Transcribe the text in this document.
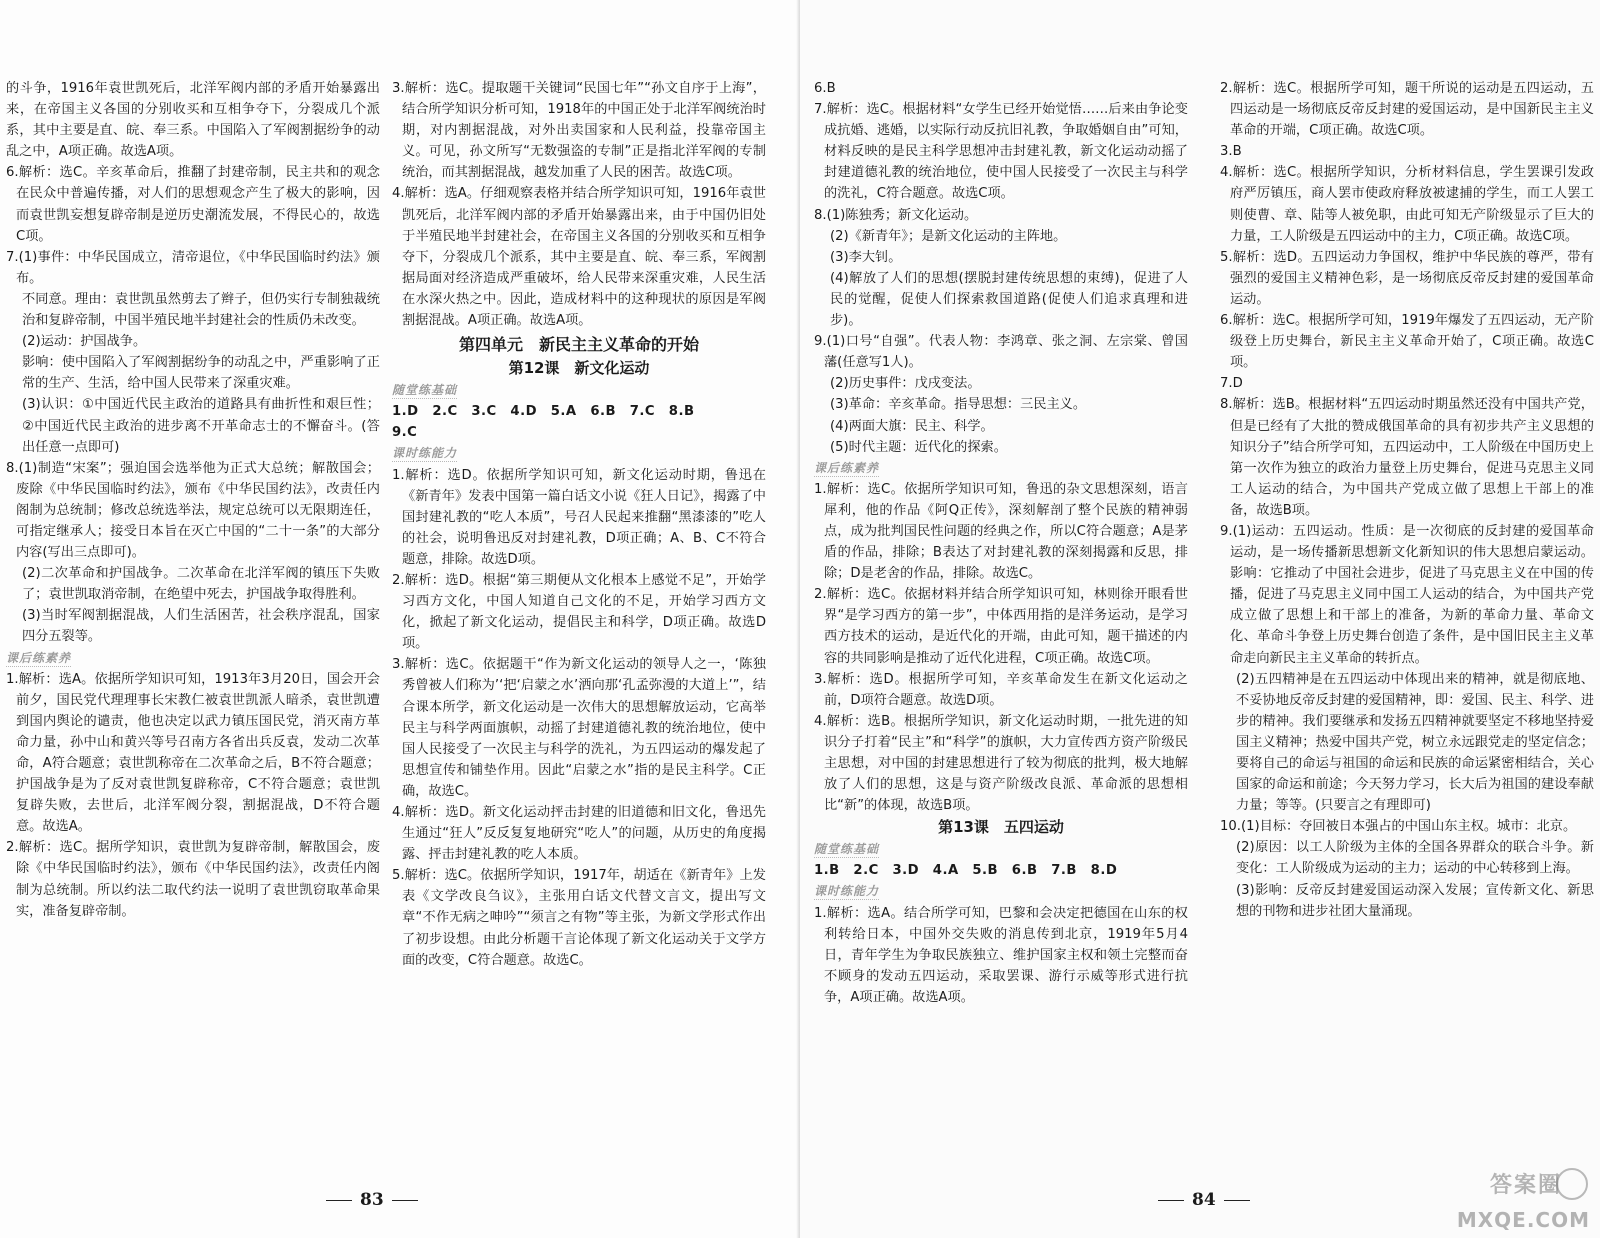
的斗争，1916年袁世凯死后，北洋军阀内部的矛盾开始暴露出来，在帝国主义各国的分别收买和互相争夺下，分裂成几个派系，其中主要是直、皖、奉三系。中国陷入了军阀割据纷争的动乱之中，A项正确。故选A项。

6.解析：选C。辛亥革命后，推翻了封建帝制，民主共和的观念在民众中普遍传播，对人们的思想观念产生了极大的影响，因而袁世凯妄想复辟帝制是逆历史潮流发展，不得民心的，故选C项。

7.(1)事件：中华民国成立，清帝退位，《中华民国临时约法》颁布。

不同意。理由：袁世凯虽然剪去了辫子，但仍实行专制独裁统治和复辟帝制，中国半殖民地半封建社会的性质仍未改变。

(2)运动：护国战争。

影响：使中国陷入了军阀割据纷争的动乱之中，严重影响了正常的生产、生活，给中国人民带来了深重灾难。

(3)认识：①中国近代民主政治的道路具有曲折性和艰巨性；②中国近代民主政治的进步离不开革命志士的不懈奋斗。(答出任意一点即可)

8.(1)制造“宋案”；强迫国会选举他为正式大总统；解散国会；废除《中华民国临时约法》，颁布《中华民国约法》，改责任内阁制为总统制；修改总统选举法，规定总统可以无限期连任，可指定继承人；接受日本旨在灭亡中国的“二十一条”的大部分内容(写出三点即可)。

(2)二次革命和护国战争。二次革命在北洋军阀的镇压下失败了；袁世凯取消帝制，在绝望中死去，护国战争取得胜利。

(3)当时军阀割据混战，人们生活困苦，社会秩序混乱，国家四分五裂等。

课后练素养

1.解析：选A。依据所学知识可知，1913年3月20日，国会开会前夕，国民党代理理事长宋教仁被袁世凯派人暗杀，袁世凯遭到国内舆论的谴责，他也决定以武力镇压国民党，消灭南方革命力量，孙中山和黄兴等号召南方各省出兵反袁，发动二次革命，A符合题意；袁世凯称帝在二次革命之后，B不符合题意；护国战争是为了反对袁世凯复辟称帝，C不符合题意；袁世凯复辟失败，去世后，北洋军阀分裂，割据混战，D不符合题意。故选A。

2.解析：选C。据所学知识，袁世凯为复辟帝制，解散国会，废除《中华民国临时约法》，颁布《中华民国约法》，改责任内阁制为总统制。所以约法二取代约法一说明了袁世凯窃取革命果实，准备复辟帝制。

3.解析：选C。提取题干关键词“民国七年”“孙文自序于上海”，结合所学知识分析可知，1918年的中国正处于北洋军阀统治时期，对内割据混战，对外出卖国家和人民利益，投靠帝国主义。可见，孙文所写“无数强盗的专制”正是指北洋军阀的专制统治，而其割据混战，越发加重了人民的困苦。故选C项。

4.解析：选A。仔细观察表格并结合所学知识可知，1916年袁世凯死后，北洋军阀内部的矛盾开始暴露出来，由于中国仍旧处于半殖民地半封建社会，在帝国主义各国的分别收买和互相争夺下，分裂成几个派系，其中主要是直、皖、奉三系，军阀割据局面对经济造成严重破坏，给人民带来深重灾难，人民生活在水深火热之中。因此，造成材料中的这种现状的原因是军阀割据混战。A项正确。故选A项。

第四单元　新民主主义革命的开始
第12课　新文化运动
随堂练基础

1.D　2.C　3.C　4.D　5.A　6.B　7.C　8.B

9.C

课时练能力

1.解析：选D。依据所学知识可知，新文化运动时期，鲁迅在《新青年》发表中国第一篇白话文小说《狂人日记》，揭露了中国封建礼教的“吃人本质”，号召人民起来推翻“黑漆漆的”吃人的社会，说明鲁迅反对封建礼教，D项正确；A、B、C不符合题意，排除。故选D项。

2.解析：选D。根据“第三期便从文化根本上感觉不足”，开始学习西方文化，中国人知道自己文化的不足，开始学习西方文化，掀起了新文化运动，提倡民主和科学，D项正确。故选D项。

3.解析：选C。依据题干“作为新文化运动的领导人之一，‘陈独秀曾被人们称为’‘把‘启蒙之水’洒向那‘孔孟弥漫的大道上’”，结合课本所学，新文化运动是一次伟大的思想解放运动，它高举民主与科学两面旗帜，动摇了封建道德礼教的统治地位，使中国人民接受了一次民主与科学的洗礼，为五四运动的爆发起了思想宣传和铺垫作用。因此“启蒙之水”指的是民主科学。C正确，故选C。

4.解析：选D。新文化运动抨击封建的旧道德和旧文化，鲁迅先生通过“狂人”反反复复地研究“吃人”的问题，从历史的角度揭露、抨击封建礼教的吃人本质。

5.解析：选C。依据所学知识，1917年，胡适在《新青年》上发表《文学改良刍议》，主张用白话文代替文言文，提出写文章“不作无病之呻吟”“须言之有物”等主张，为新文学形式作出了初步设想。由此分析题干言论体现了新文化运动关于文学方面的改变，C符合题意。故选C。

83

6.B

7.解析：选C。根据材料“女学生已经开始觉悟……后来由争论变成抗婚、逃婚，以实际行动反抗旧礼教，争取婚姻自由”可知，材料反映的是民主科学思想冲击封建礼教，新文化运动动摇了封建道德礼教的统治地位，使中国人民接受了一次民主与科学的洗礼，C符合题意。故选C项。

8.(1)陈独秀；新文化运动。

(2)《新青年》；是新文化运动的主阵地。

(3)李大钊。

(4)解放了人们的思想(摆脱封建传统思想的束缚)，促进了人民的觉醒，促使人们探索救国道路(促使人们追求真理和进步)。

9.(1)口号“自强”。代表人物：李鸿章、张之洞、左宗棠、曾国藩(任意写1人)。

(2)历史事件：戊戌变法。

(3)革命：辛亥革命。指导思想：三民主义。

(4)两面大旗：民主、科学。

(5)时代主题：近代化的探索。

课后练素养

1.解析：选C。依据所学知识可知，鲁迅的杂文思想深刻，语言犀利，他的作品《阿Q正传》，深刻解剖了整个民族的精神弱点，成为批判国民性问题的经典之作，所以C符合题意；A是茅盾的作品，排除；B表达了对封建礼教的深刻揭露和反思，排除；D是老舍的作品，排除。故选C。

2.解析：选C。依据材料并结合所学知识可知，林则徐开眼看世界“是学习西方的第一步”，中体西用指的是洋务运动，是学习西方技术的运动，是近代化的开端，由此可知，题干描述的内容的共同影响是推动了近代化进程，C项正确。故选C项。

3.解析：选D。根据所学可知，辛亥革命发生在新文化运动之前，D项符合题意。故选D项。

4.解析：选B。根据所学知识，新文化运动时期，一批先进的知识分子打着“民主”和“科学”的旗帜，大力宣传西方资产阶级民主思想，对中国的封建思想进行了较为彻底的批判，极大地解放了人们的思想，这是与资产阶级改良派、革命派的思想相比“新”的体现，故选B项。

第13课　五四运动
随堂练基础

1.B　2.C　3.D　4.A　5.B　6.B　7.B　8.D

课时练能力

1.解析：选A。结合所学可知，巴黎和会决定把德国在山东的权利转给日本，中国外交失败的消息传到北京，1919年5月4日，青年学生为争取民族独立、维护国家主权和领土完整而奋不顾身的发动五四运动，采取罢课、游行示威等形式进行抗争，A项正确。故选A项。

2.解析：选C。根据所学可知，题干所说的运动是五四运动，五四运动是一场彻底反帝反封建的爱国运动，是中国新民主主义革命的开端，C项正确。故选C项。

3.B

4.解析：选C。根据所学知识，分析材料信息，学生罢课引发政府严厉镇压，商人罢市使政府释放被逮捕的学生，而工人罢工则使曹、章、陆等人被免职，由此可知无产阶级显示了巨大的力量，工人阶级是五四运动中的主力，C项正确。故选C项。

5.解析：选D。五四运动力争国权，维护中华民族的尊严，带有强烈的爱国主义精神色彩，是一场彻底反帝反封建的爱国革命运动。

6.解析：选C。根据所学可知，1919年爆发了五四运动，无产阶级登上历史舞台，新民主主义革命开始了，C项正确。故选C项。

7.D

8.解析：选B。根据材料“五四运动时期虽然还没有中国共产党，但是已经有了大批的赞成俄国革命的具有初步共产主义思想的知识分子”结合所学可知，五四运动中，工人阶级在中国历史上第一次作为独立的政治力量登上历史舞台，促进马克思主义同工人运动的结合，为中国共产党成立做了思想上干部上的准备，故选B项。

9.(1)运动：五四运动。性质：是一次彻底的反封建的爱国革命运动，是一场传播新思想新文化新知识的伟大思想启蒙运动。影响：它推动了中国社会进步，促进了马克思主义在中国的传播，促进了马克思主义同中国工人运动的结合，为中国共产党成立做了思想上和干部上的准备，为新的革命力量、革命文化、革命斗争登上历史舞台创造了条件，是中国旧民主主义革命走向新民主主义革命的转折点。

(2)五四精神是在五四运动中体现出来的精神，就是彻底地、不妥协地反帝反封建的爱国精神，即：爱国、民主、科学、进步的精神。我们要继承和发扬五四精神就要坚定不移地坚持爱国主义精神；热爱中国共产党，树立永远跟党走的坚定信念；要将自己的命运与祖国的命运和民族的命运紧密相结合，关心国家的命运和前途；今天努力学习，长大后为祖国的建设奉献力量；等等。(只要言之有理即可)

10.(1)目标：夺回被日本强占的中国山东主权。城市：北京。

(2)原因：以工人阶级为主体的全国各界群众的联合斗争。新变化：工人阶级成为运动的主力；运动的中心转移到上海。

(3)影响：反帝反封建爱国运动深入发展；宣传新文化、新思想的刊物和进步社团大量涌现。

84
答案圈
MXQE.COM
